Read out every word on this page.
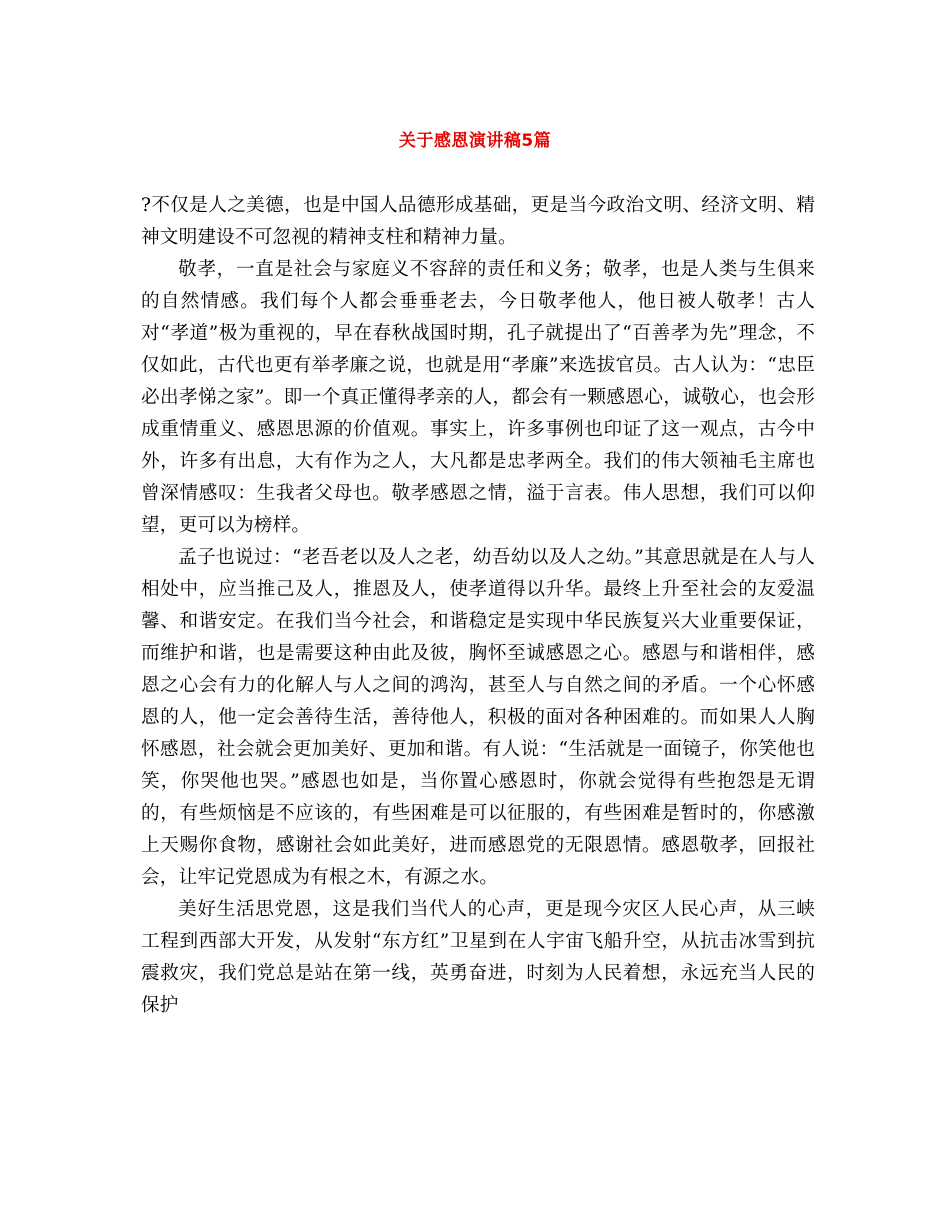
关于感恩演讲稿5篇

?不仅是人之美德，也是中国人品德形成基础，更是当今政治文明、经济文明、精神文明建设不可忽视的精神支柱和精神力量。

敬孝，一直是社会与家庭义不容辞的责任和义务；敬孝，也是人类与生俱来的自然情感。我们每个人都会垂垂老去，今日敬孝他人，他日被人敬孝！古人对“孝道”极为重视的，早在春秋战国时期，孔子就提出了“百善孝为先”理念，不仅如此，古代也更有举孝廉之说，也就是用“孝廉”来选拔官员。古人认为：“忠臣必出孝悌之家”。即一个真正懂得孝亲的人，都会有一颗感恩心，诚敬心，也会形成重情重义、感恩思源的价值观。事实上，许多事例也印证了这一观点，古今中外，许多有出息，大有作为之人，大凡都是忠孝两全。我们的伟大领袖毛主席也曾深情感叹：生我者父母也。敬孝感恩之情，溢于言表。伟人思想，我们可以仰望，更可以为榜样。

孟子也说过：“老吾老以及人之老，幼吾幼以及人之幼。”其意思就是在人与人相处中，应当推己及人，推恩及人，使孝道得以升华。最终上升至社会的友爱温馨、和谐安定。在我们当今社会，和谐稳定是实现中华民族复兴大业重要保证，而维护和谐，也是需要这种由此及彼，胸怀至诚感恩之心。感恩与和谐相伴，感恩之心会有力的化解人与人之间的鸿沟，甚至人与自然之间的矛盾。一个心怀感恩的人，他一定会善待生活，善待他人，积极的面对各种困难的。而如果人人胸怀感恩，社会就会更加美好、更加和谐。有人说：“生活就是一面镜子，你笑他也笑，你哭他也哭。”感恩也如是，当你置心感恩时，你就会觉得有些抱怨是无谓的，有些烦恼是不应该的，有些困难是可以征服的，有些困难是暂时的，你感激上天赐你食物，感谢社会如此美好，进而感恩党的无限恩情。感恩敬孝，回报社会，让牢记党恩成为有根之木，有源之水。

美好生活思党恩，这是我们当代人的心声，更是现今灾区人民心声，从三峡工程到西部大开发，从发射“东方红”卫星到在人宇宙飞船升空，从抗击冰雪到抗震救灾，我们党总是站在第一线，英勇奋进，时刻为人民着想，永远充当人民的保护
